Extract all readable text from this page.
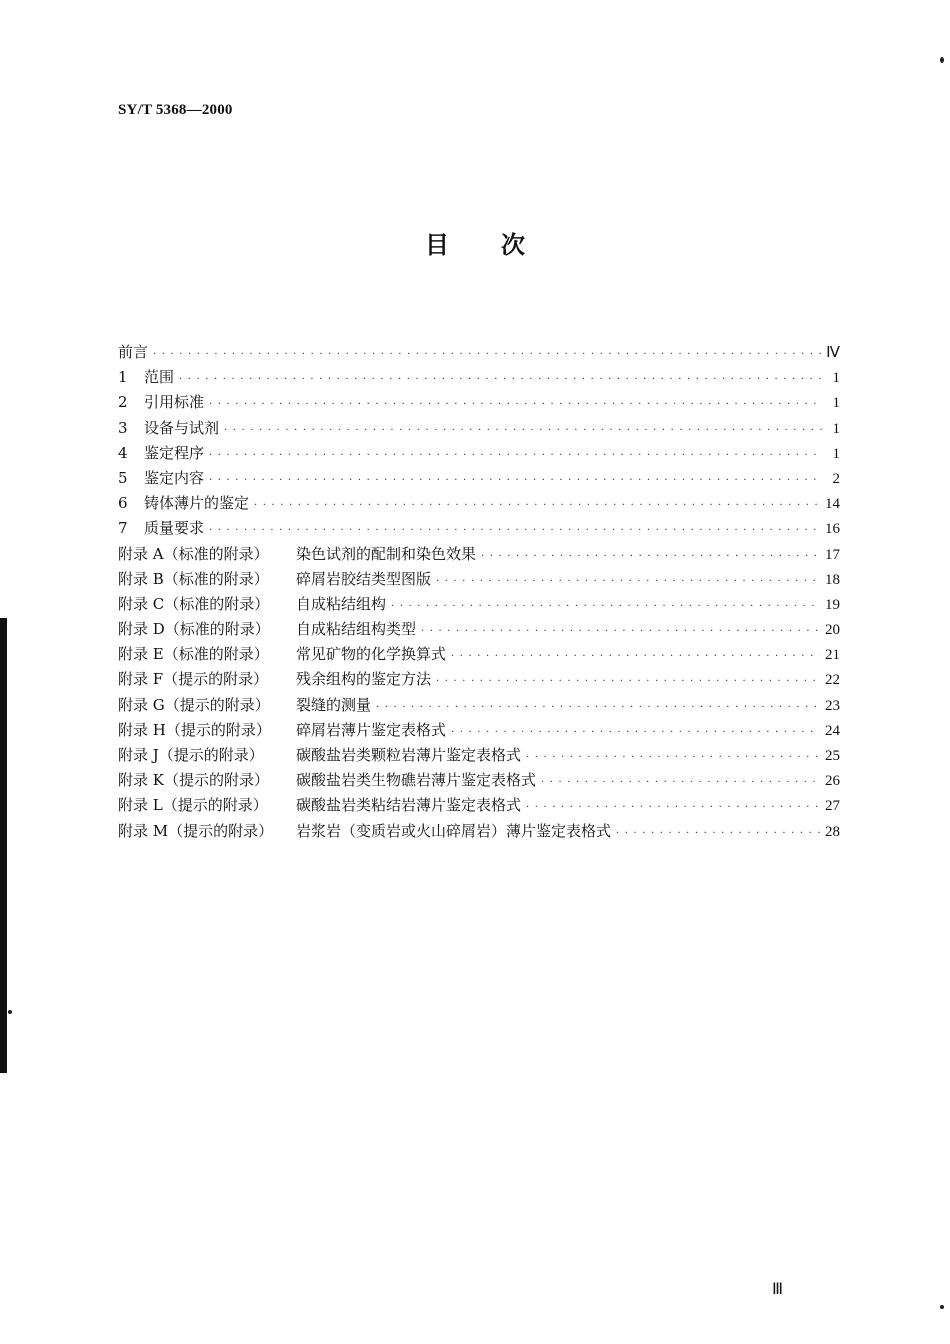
SY/T 5368—2000
目 次
前言 · · ·	Ⅳ
1	范围 · · ·	1
2	引用标准 · · ·	1
3	设备与试剂 · · ·	1
4	鉴定程序 · · ·	1
5	鉴定内容 · · ·	2
6	铸体薄片的鉴定 · · ·	14
7	质量要求 · · ·	16
附录 A（标准的附录）	染色试剂的配制和染色效果 · · ·	17
附录 B（标准的附录）	碎屑岩胶结类型图版 · · ·	18
附录 C（标准的附录）	自成粘结组构 · · ·	19
附录 D（标准的附录）	自成粘结组构类型 · · ·	20
附录 E（标准的附录）	常见矿物的化学换算式 · · ·	21
附录 F（提示的附录）	残余组构的鉴定方法 · · ·	22
附录 G（提示的附录）	裂缝的测量 · · ·	23
附录 H（提示的附录）	碎屑岩薄片鉴定表格式 · · ·	24
附录 J（提示的附录）	碳酸盐岩类颗粒岩薄片鉴定表格式 · · ·	25
附录 K（提示的附录）	碳酸盐岩类生物礁岩薄片鉴定表格式 · · ·	26
附录 L（提示的附录）	碳酸盐岩类粘结岩薄片鉴定表格式 · · ·	27
附录 M（提示的附录）	岩浆岩（变质岩或火山碎屑岩）薄片鉴定表格式 · · ·	28
Ⅲ
